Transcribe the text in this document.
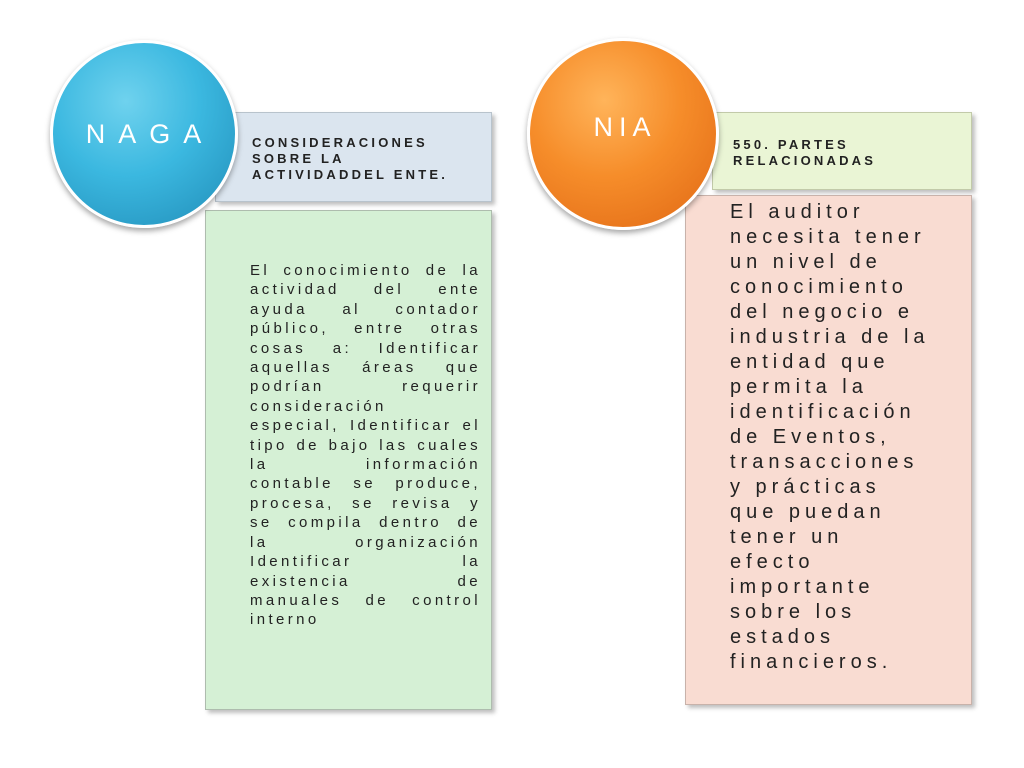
CONSIDERACIONES SOBRE LA ACTIVIDADDEL ENTE.
El conocimiento de la actividad del ente ayuda al contador público, entre otras cosas a: Identificar aquellas áreas que podrían requerir consideración especial, Identificar el tipo de bajo las cuales la información contable se produce, procesa, se revisa y se compila dentro de la organización Identificar la existencia de manuales de control interno
NAGA	550. PARTES RELACIONADAS
El auditor
necesita tener
un nivel de
conocimiento
del negocio e
industria de la
entidad que
permita la
identificación
de Eventos,
transacciones
y prácticas
que puedan
tener un
efecto
importante
sobre los
estados
financieros.
NIA
